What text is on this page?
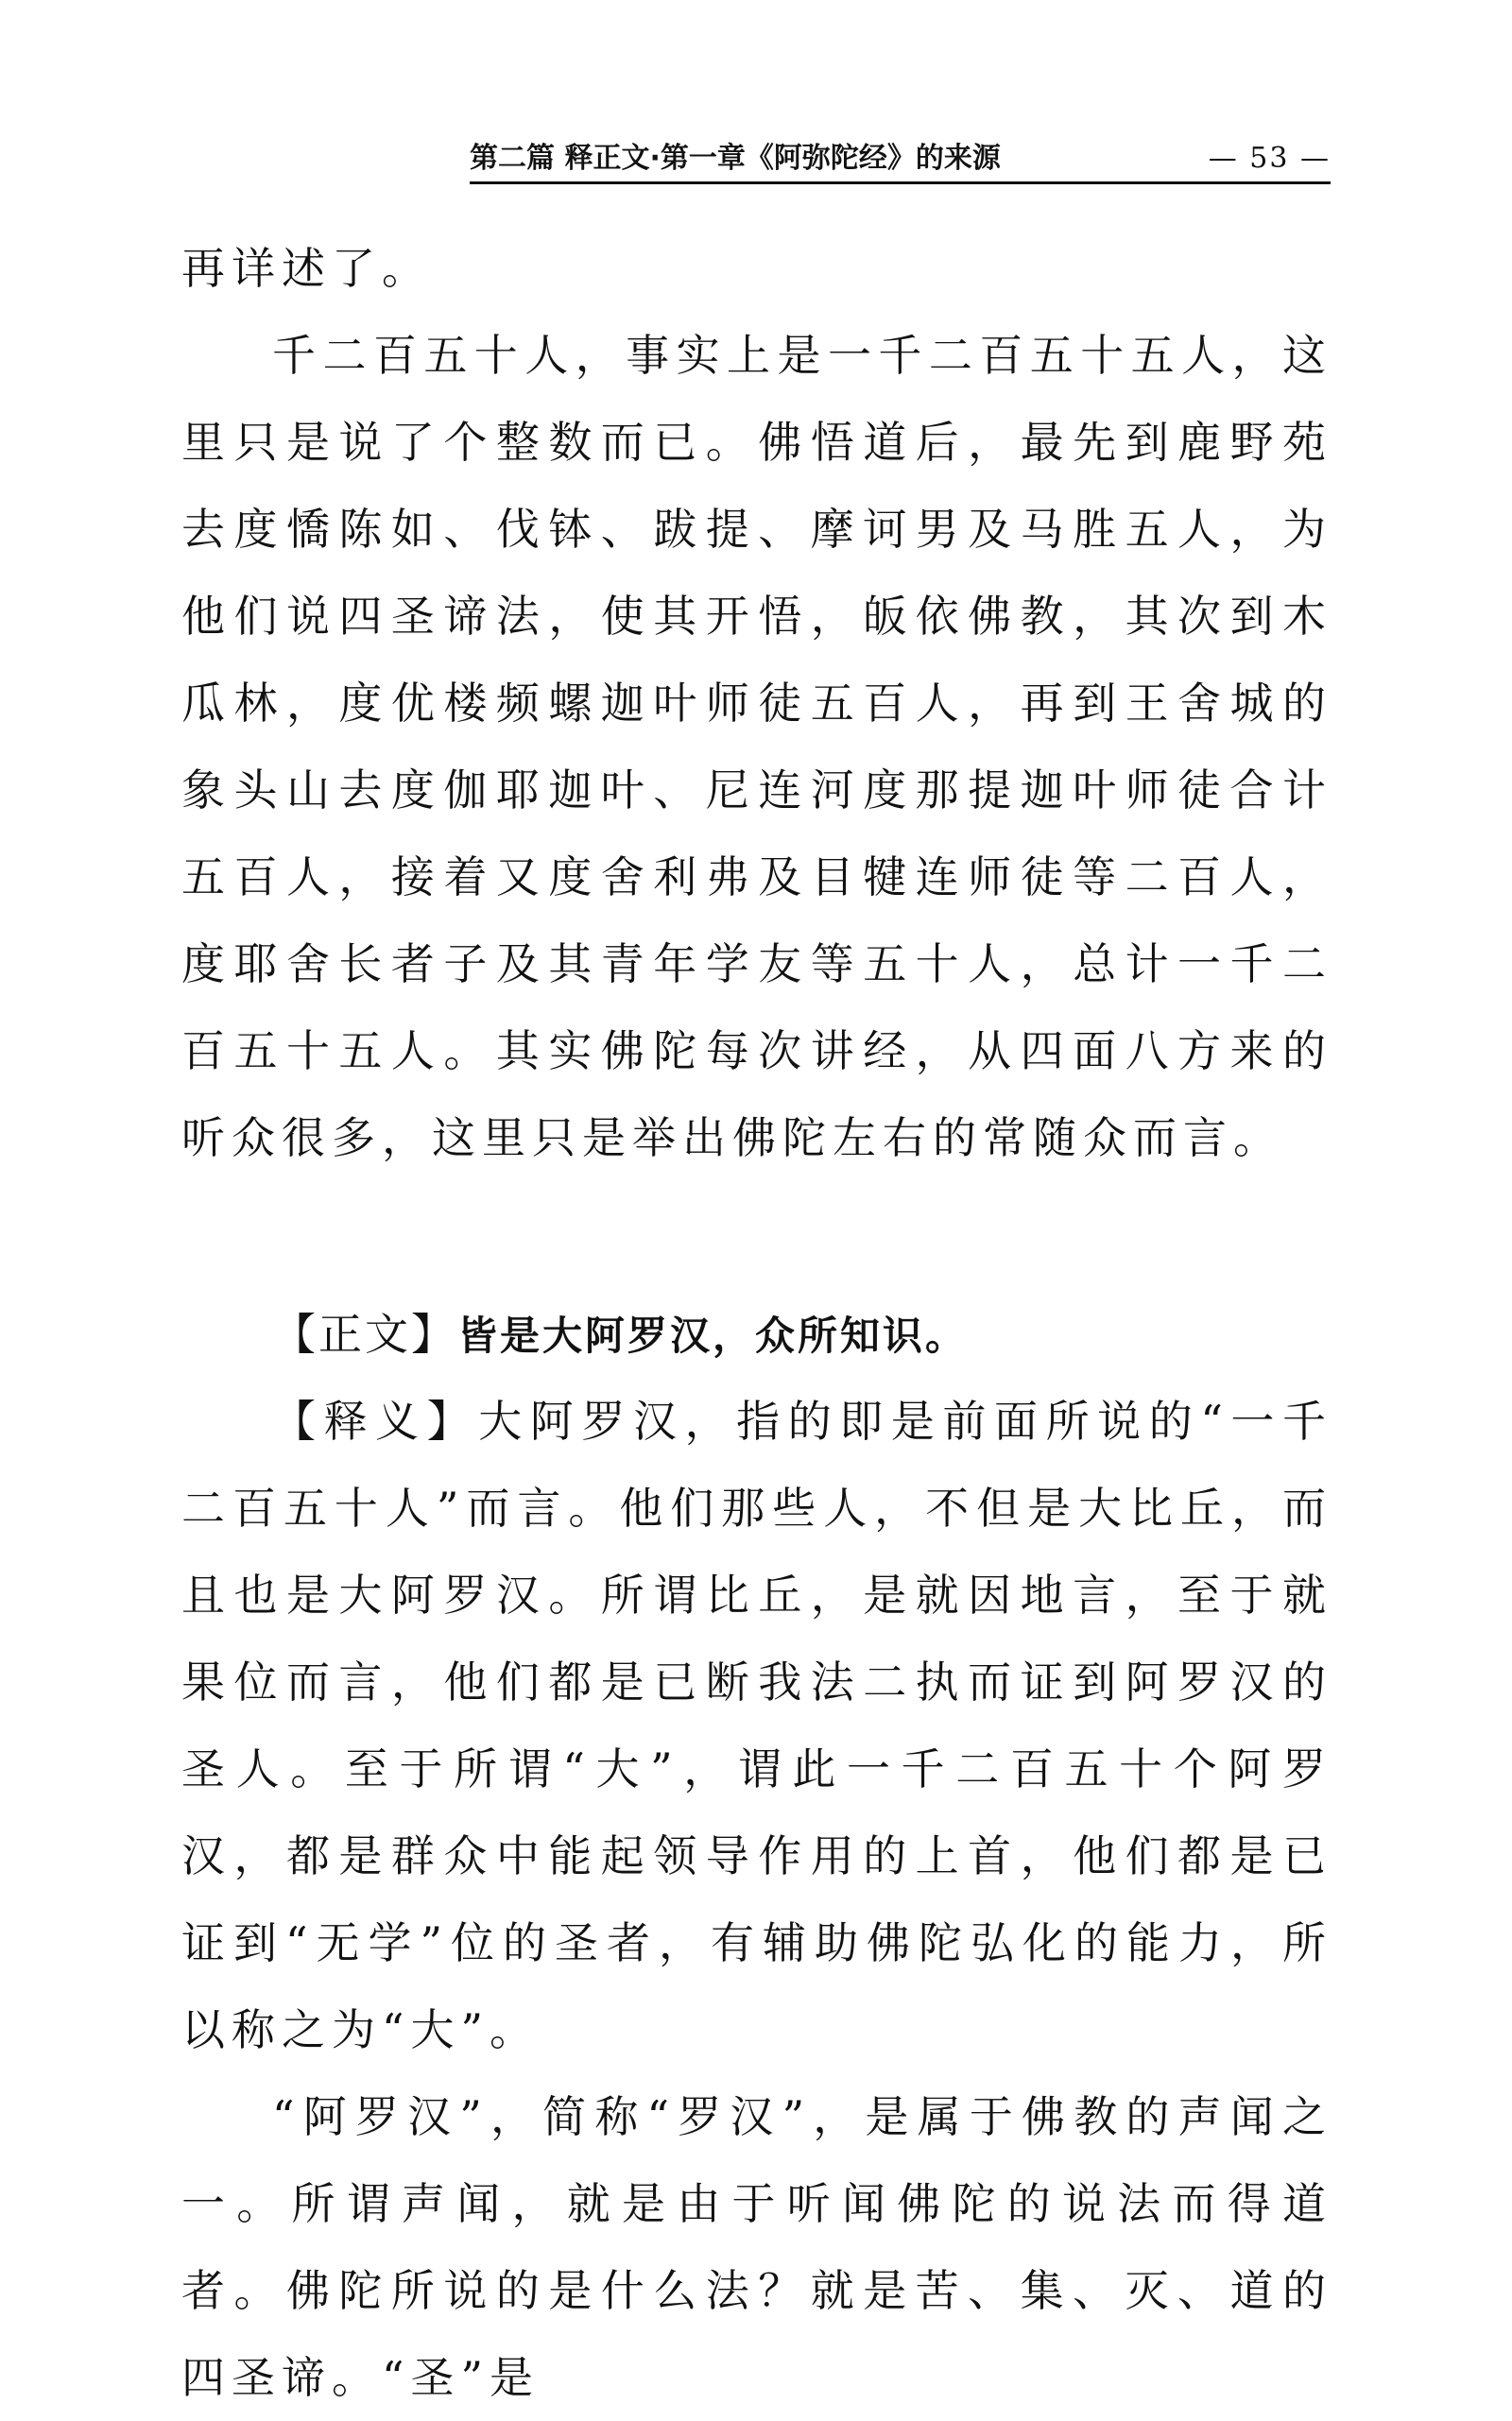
第二篇 释正文·第一章《阿弥陀经》的来源	— 53 —

再详述了。

千二百五十人，事实上是一千二百五十五人，这里只是说了个整数而已。佛悟道后，最先到鹿野苑去度憍陈如、伐钵、跋提、摩诃男及马胜五人，为他们说四圣谛法，使其开悟，皈依佛教，其次到木瓜林，度优楼频螺迦叶师徒五百人，再到王舍城的象头山去度伽耶迦叶、尼连河度那提迦叶师徒合计五百人，接着又度舍利弗及目犍连师徒等二百人，度耶舍长者子及其青年学友等五十人，总计一千二百五十五人。其实佛陀每次讲经，从四面八方来的听众很多，这里只是举出佛陀左右的常随众而言。

【正文】皆是大阿罗汉，众所知识。

【释义】大阿罗汉，指的即是前面所说的“一千二百五十人”而言。他们那些人，不但是大比丘，而且也是大阿罗汉。所谓比丘，是就因地言，至于就果位而言，他们都是已断我法二执而证到阿罗汉的圣人。至于所谓“大”，谓此一千二百五十个阿罗汉，都是群众中能起领导作用的上首，他们都是已证到“无学”位的圣者，有辅助佛陀弘化的能力，所以称之为“大”。

“阿罗汉”，简称“罗汉”，是属于佛教的声闻之一。所谓声闻，就是由于听闻佛陀的说法而得道者。佛陀所说的是什么法？就是苦、集、灭、道的四圣谛。“圣”是
